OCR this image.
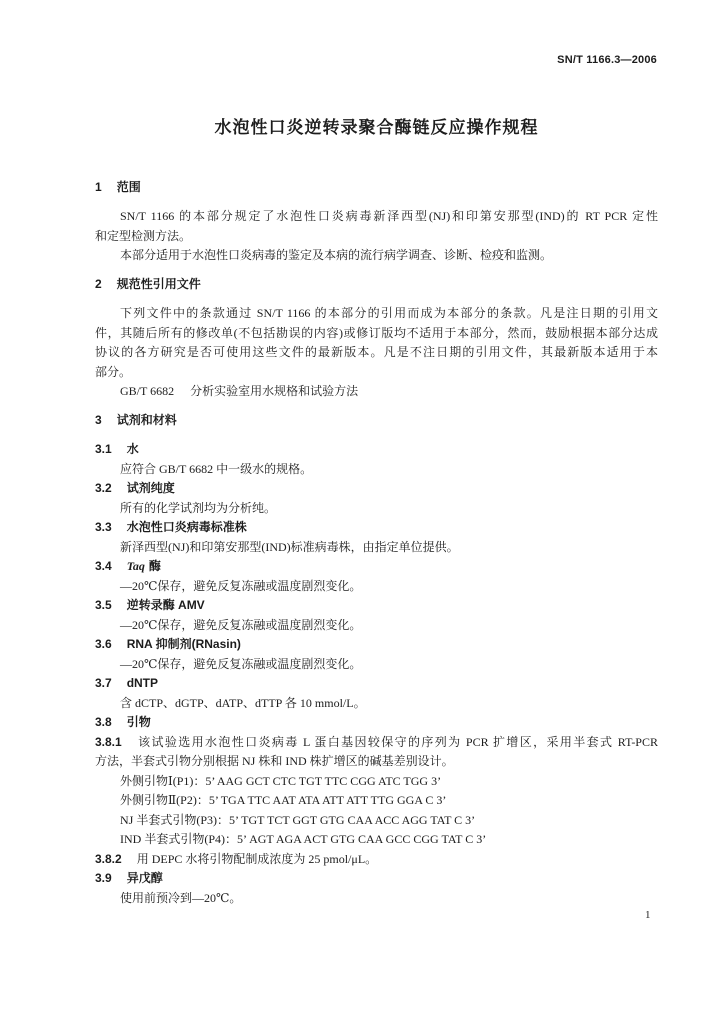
SN/T 1166.3—2006
水泡性口炎逆转录聚合酶链反应操作规程
1 范围
SN/T 1166 的本部分规定了水泡性口炎病毒新泽西型(NJ)和印第安那型(IND)的 RT PCR 定性
和定型检测方法。
本部分适用于水泡性口炎病毒的鉴定及本病的流行病学调查、诊断、检疫和监测。
2 规范性引用文件
下列文件中的条款通过 SN/T 1166 的本部分的引用而成为本部分的条款。凡是注日期的引用文
件，其随后所有的修改单(不包括勘误的内容)或修订版均不适用于本部分，然而，鼓励根据本部分达成
协议的各方研究是否可使用这些文件的最新版本。凡是不注日期的引用文件，其最新版本适用于本
部分。
GB/T 6682 分析实验室用水规格和试验方法
3 试剂和材料
3.1 水
应符合 GB/T 6682 中一级水的规格。
3.2 试剂纯度
所有的化学试剂均为分析纯。
3.3 水泡性口炎病毒标准株
新泽西型(NJ)和印第安那型(IND)标准病毒株，由指定单位提供。
3.4 Taq 酶
—20℃保存，避免反复冻融或温度剧烈变化。
3.5 逆转录酶 AMV
—20℃保存，避免反复冻融或温度剧烈变化。
3.6 RNA 抑制剂(RNasin)
—20℃保存，避免反复冻融或温度剧烈变化。
3.7 dNTP
含 dCTP、dGTP、dATP、dTTP 各 10 mmol/L。
3.8 引物
3.8.1 该试验选用水泡性口炎病毒 L 蛋白基因较保守的序列为 PCR 扩增区，采用半套式 RT-PCR
方法，半套式引物分别根据 NJ 株和 IND 株扩增区的碱基差别设计。
外侧引物Ⅰ(P1)：5’ AAG GCT CTC TGT TTC CGG ATC TGG 3’
外侧引物Ⅱ(P2)：5’ TGA TTC AAT ATA ATT ATT TTG GGA C 3’
NJ 半套式引物(P3)：5’ TGT TCT GGT GTG CAA ACC AGG TAT C 3’
IND 半套式引物(P4)：5’ AGT AGA ACT GTG CAA GCC CGG TAT C 3’
3.8.2 用 DEPC 水将引物配制成浓度为 25 pmol/μL。
3.9 异戊醇
使用前预冷到—20℃。
1
